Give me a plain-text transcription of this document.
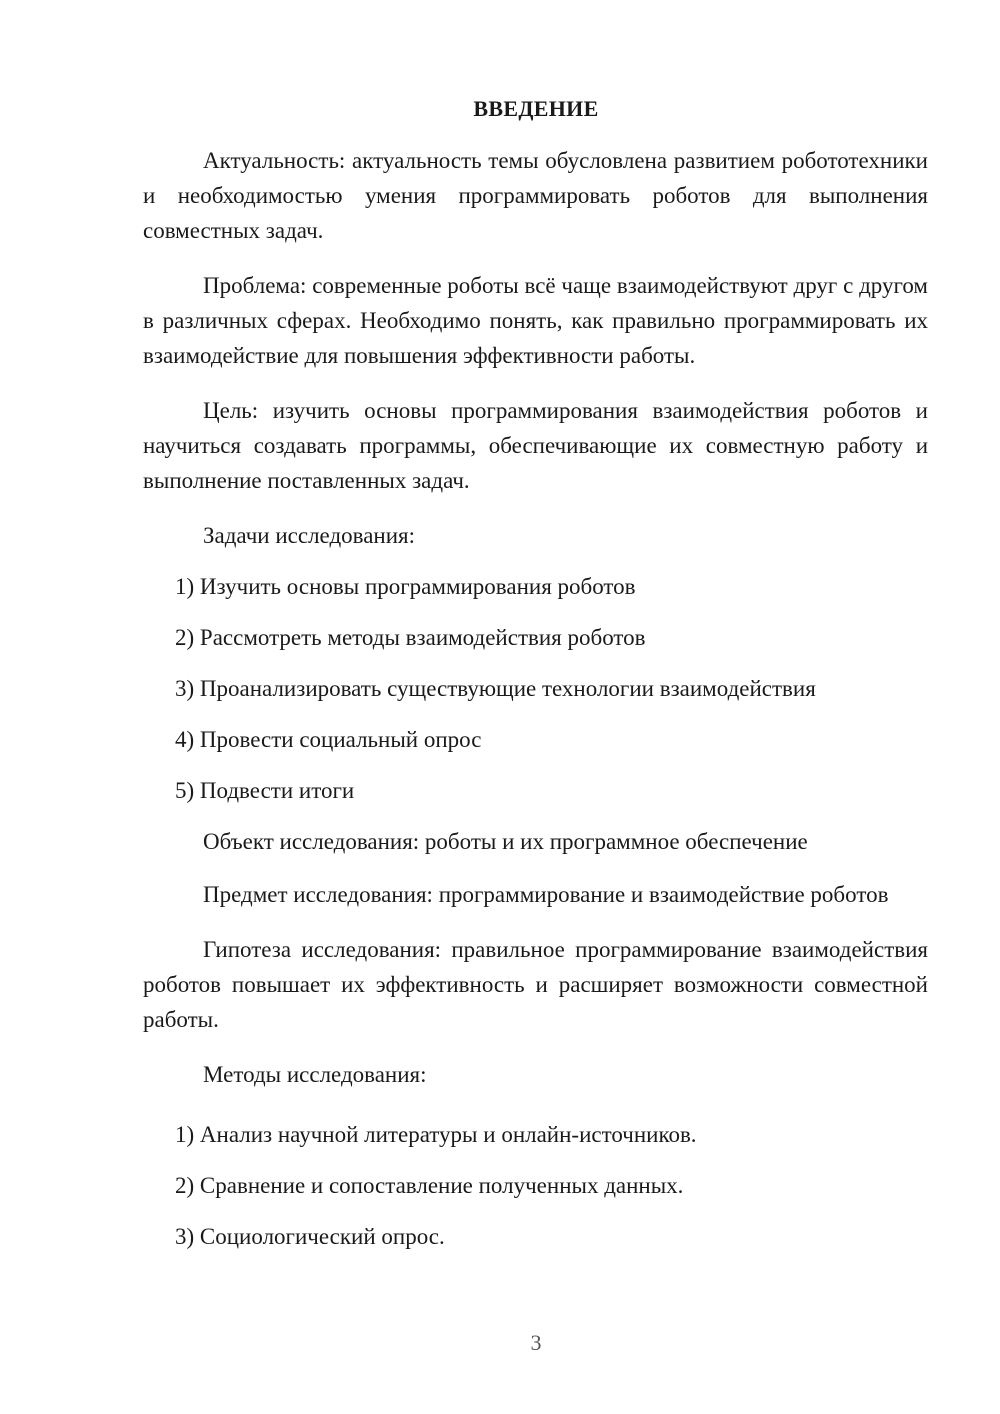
ВВЕДЕНИЕ

Актуальность: актуальность темы обусловлена развитием робототехники и необходимостью умения программировать роботов для выполнения совместных задач.

Проблема: современные роботы всё чаще взаимодействуют друг с другом в различных сферах. Необходимо понять, как правильно программировать их взаимодействие для повышения эффективности работы.

Цель: изучить основы программирования взаимодействия роботов и научиться создавать программы, обеспечивающие их совместную работу и выполнение поставленных задач.

Задачи исследования:

1) Изучить основы программирования роботов

2) Рассмотреть методы взаимодействия роботов

3) Проанализировать существующие технологии взаимодействия

4) Провести социальный опрос

5) Подвести итоги

Объект исследования: роботы и их программное обеспечение

Предмет исследования: программирование и взаимодействие роботов

Гипотеза исследования: правильное программирование взаимодействия роботов повышает их эффективность и расширяет возможности совместной работы.

Методы исследования:

1) Анализ научной литературы и онлайн-источников.

2) Сравнение и сопоставление полученных данных.

3) Социологический опрос.

3
